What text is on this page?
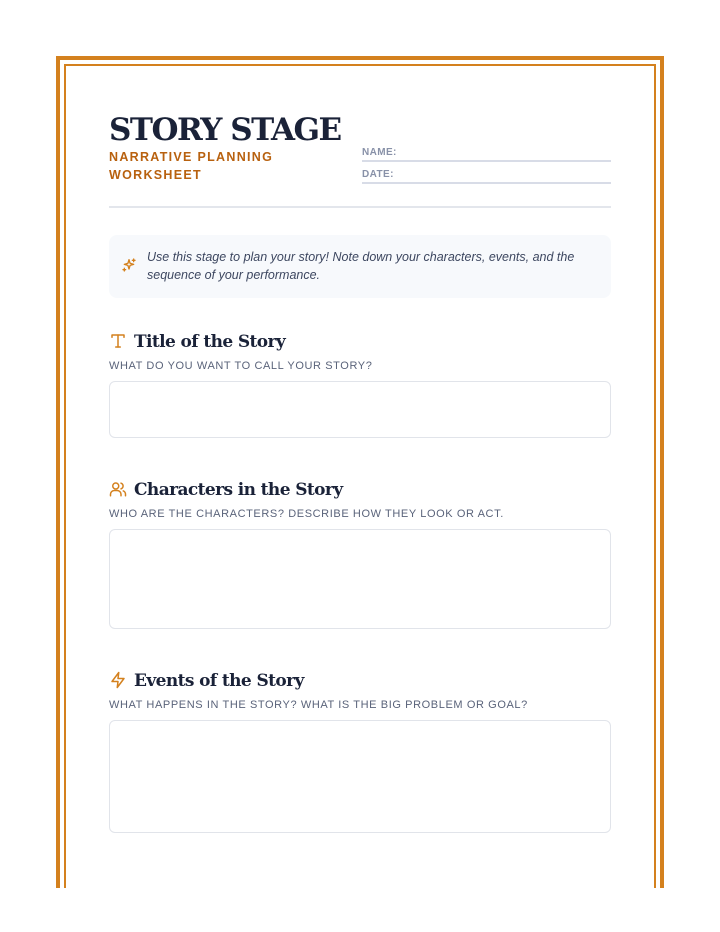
STORY STAGE
NARRATIVE PLANNING WORKSHEET
NAME:
DATE:
Use this stage to plan your story! Note down your characters, events, and the sequence of your performance.
Title of the Story
WHAT DO YOU WANT TO CALL YOUR STORY?
Characters in the Story
WHO ARE THE CHARACTERS? DESCRIBE HOW THEY LOOK OR ACT.
Events of the Story
WHAT HAPPENS IN THE STORY? WHAT IS THE BIG PROBLEM OR GOAL?
